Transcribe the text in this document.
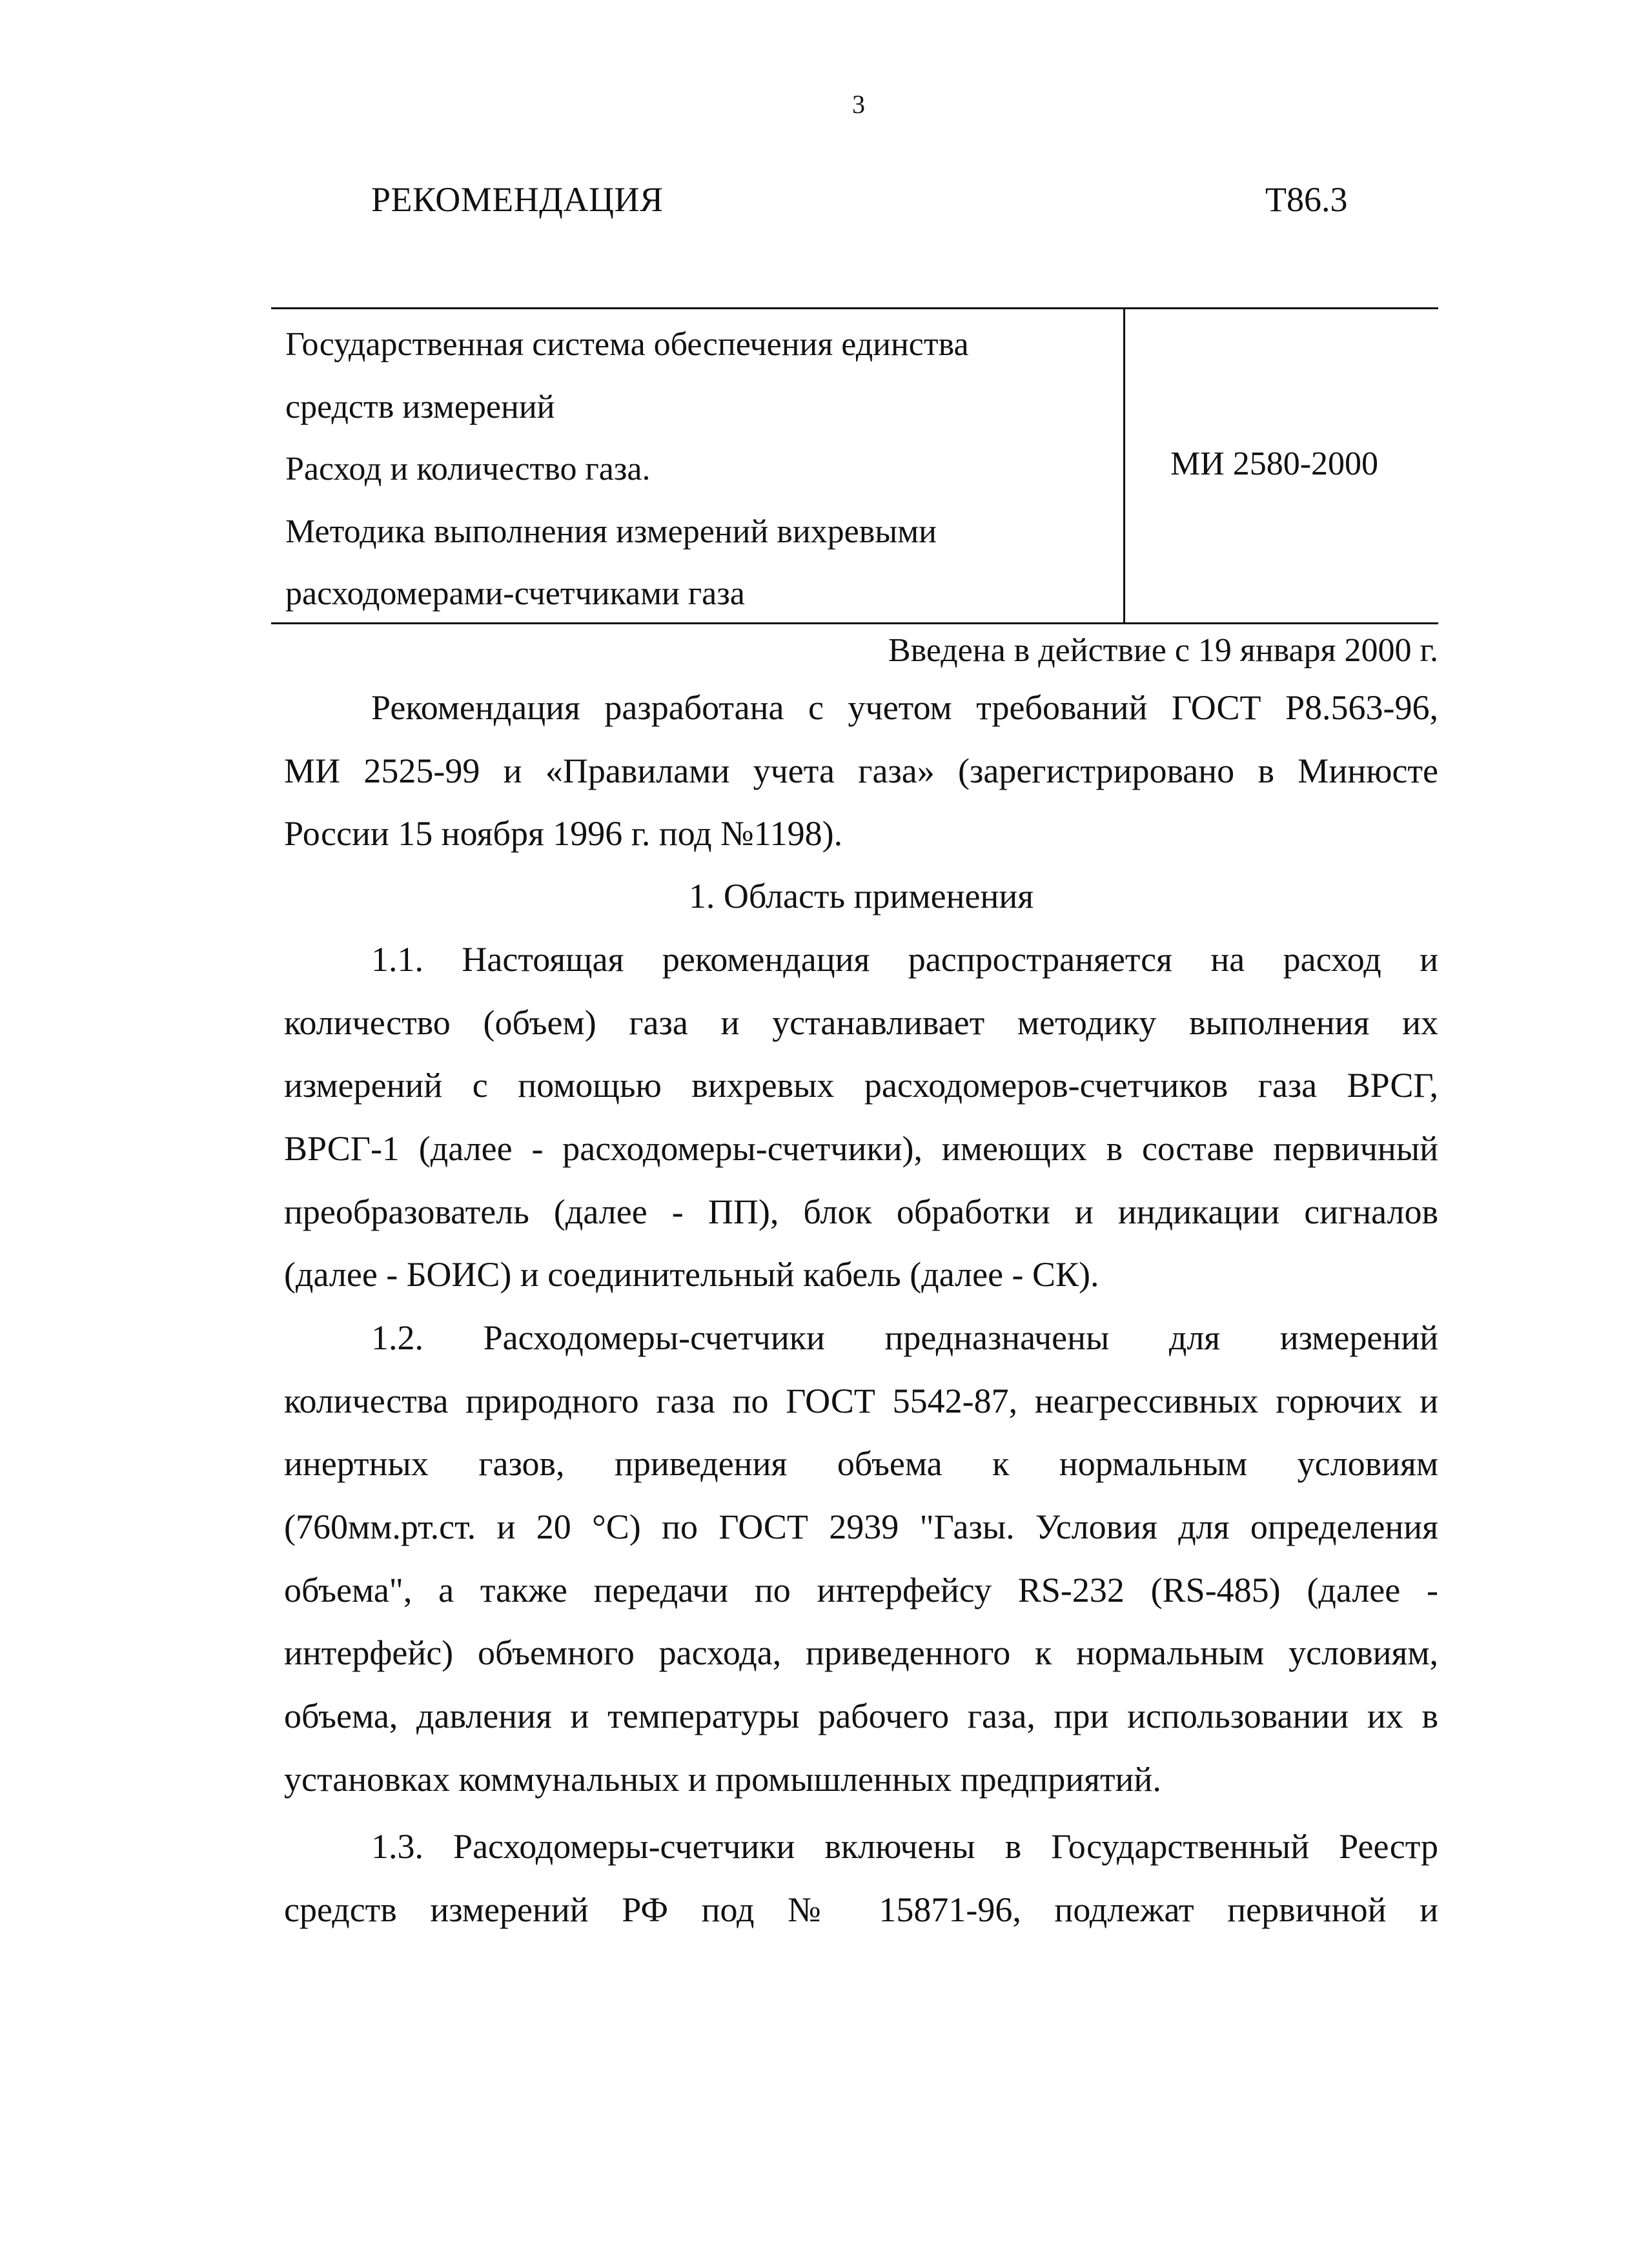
3
РЕКОМЕНДАЦИЯ	Т86.3
Государственная система обеспечения единства
средств измерений
Расход и количество газа.
Методика выполнения измерений вихревыми
расходомерами-счетчиками газа
МИ 2580-2000
Введена в действие с 19 января 2000 г.
Рекомендация разработана с учетом требований ГОСТ Р8.563-96,
МИ 2525-99 и «Правилами учета газа» (зарегистрировано в Минюсте
России 15 ноября 1996 г. под №1198).
1. Область применения
1.1. Настоящая рекомендация распространяется на расход и
количество (объем) газа и устанавливает методику выполнения их
измерений с помощью вихревых расходомеров-счетчиков газа ВРСГ,
ВРСГ-1 (далее - расходомеры-счетчики), имеющих в составе первичный
преобразователь (далее - ПП), блок обработки и индикации сигналов
(далее - БОИС) и соединительный кабель (далее - СК).
1.2. Расходомеры-счетчики предназначены для измерений
количества природного газа по ГОСТ 5542-87, неагрессивных горючих и
инертных газов, приведения объема к нормальным условиям
(760мм.рт.ст. и 20 °С) по ГОСТ 2939 "Газы. Условия для определения
объема", а также передачи по интерфейсу RS-232 (RS-485) (далее -
интерфейс) объемного расхода, приведенного к нормальным условиям,
объема, давления и температуры рабочего газа, при использовании их в
установках коммунальных и промышленных предприятий.
1.3. Расходомеры-счетчики включены в Государственный Реестр
средств измерений РФ под № 15871-96, подлежат первичной и
